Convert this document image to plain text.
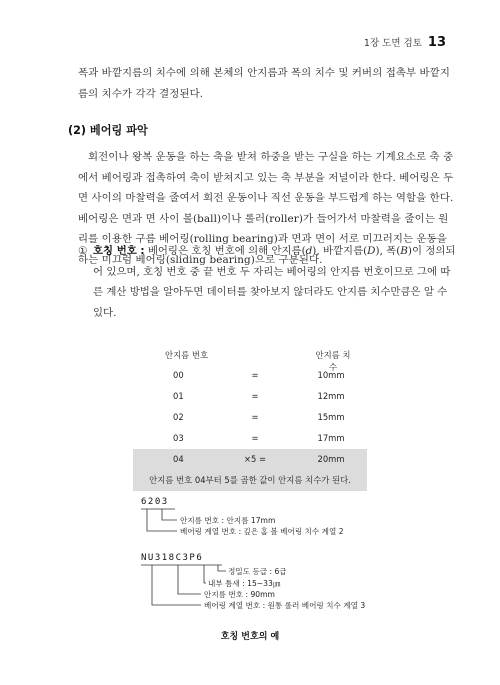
1장 도면 검토 13
폭과 바깥지름의 치수에 의해 본체의 안지름과 폭의 치수 및 커버의 접촉부 바깥지름의 치수가 각각 결정된다.
(2) 베어링 파악
회전이나 왕복 운동을 하는 축을 받쳐 하중을 받는 구실을 하는 기계요소로 축 중에서 베어링과 접촉하여 축이 받쳐지고 있는 축 부분을 저널이라 한다. 베어링은 두 면 사이의 마찰력을 줄여서 회전 운동이나 직선 운동을 부드럽게 하는 역할을 한다. 베어링은 면과 면 사이 볼(ball)이나 롤러(roller)가 들어가서 마찰력을 줄이는 원리를 이용한 구름 베어링(rolling bearing)과 면과 면이 서로 미끄러지는 운동을 하는 미끄럼 베어링(sliding bearing)으로 구분된다.
① 호칭 번호 : 베어링은 호칭 번호에 의해 안지름(d), 바깥지름(D), 폭(B)이 정의되어 있으며, 호칭 번호 중 끝 번호 두 자리는 베어링의 안지름 번호이므로 그에 따른 계산 방법을 알아두면 데이터를 찾아보지 않더라도 안지름 치수만큼은 알 수 있다.
안지름 번호	안지름 치수
00	=	10mm
01	=	12mm
02	=	15mm
03	=	17mm
04	×5 =	20mm
안지름 번호 04부터 5를 곱한 값이 안지름 치수가 된다.
6203
안지름 번호 : 안지름 17mm
베어링 계열 번호 : 깊은 홈 볼 베어링 치수 계열 2
NU318C3P6
정밀도 등급 : 6급
내부 틈새 : 15~33㎛
안지름 번호 : 90mm
베어링 계열 번호 : 원통 롤러 베어링 치수 계열 3
호칭 번호의 예
